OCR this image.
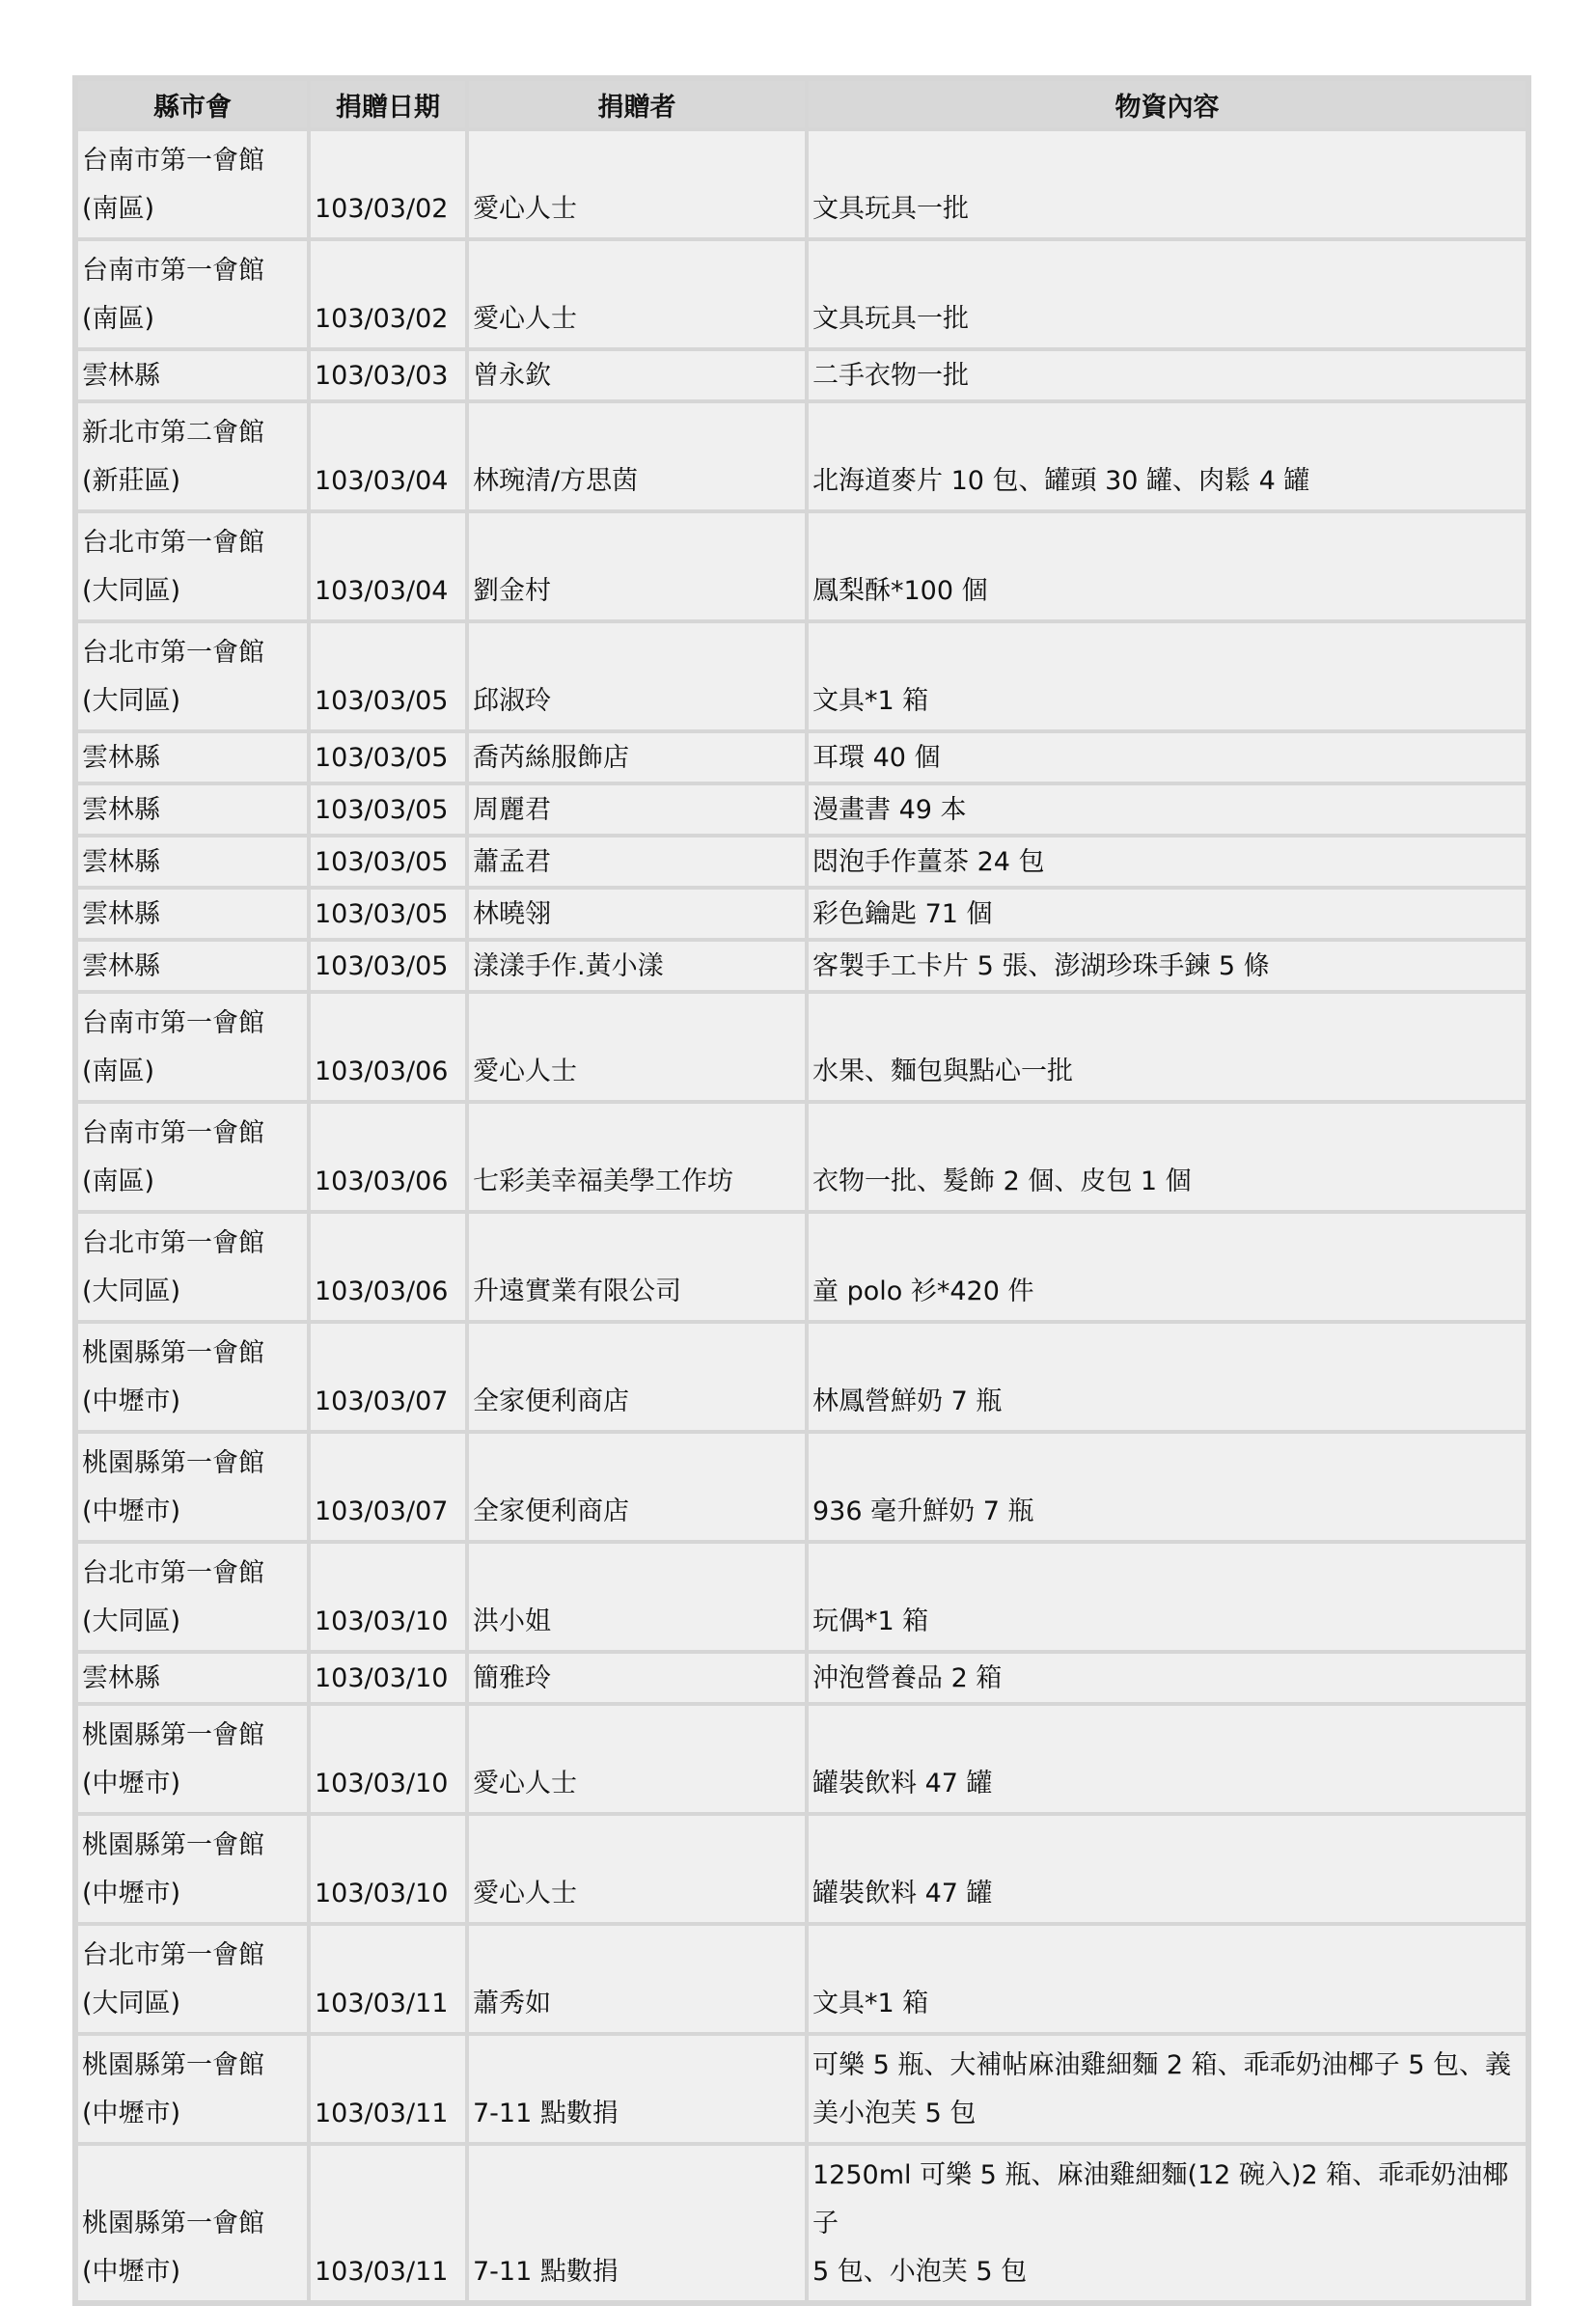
縣市會	捐贈日期	捐贈者	物資內容

台南市第一會館
(南區)	103/03/02	愛心人士	文具玩具一批

台南市第一會館
(南區)	103/03/02	愛心人士	文具玩具一批

雲林縣	103/03/03	曾永欽	二手衣物一批

新北市第二會館
(新莊區)	103/03/04	林琬清/方思茵	北海道麥片 10 包、罐頭 30 罐、肉鬆 4 罐

台北市第一會館
(大同區)	103/03/04	劉金村	鳳梨酥*100 個

台北市第一會館
(大同區)	103/03/05	邱淑玲	文具*1 箱

雲林縣	103/03/05	喬芮絲服飾店	耳環 40 個

雲林縣	103/03/05	周麗君	漫畫書 49 本

雲林縣	103/03/05	蕭孟君	悶泡手作薑茶 24 包

雲林縣	103/03/05	林曉翎	彩色鑰匙 71 個

雲林縣	103/03/05	漾漾手作.黃小漾	客製手工卡片 5 張、澎湖珍珠手鍊 5 條

台南市第一會館
(南區)	103/03/06	愛心人士	水果、麵包與點心一批

台南市第一會館
(南區)	103/03/06	七彩美幸福美學工作坊	衣物一批、髮飾 2 個、皮包 1 個

台北市第一會館
(大同區)	103/03/06	升遠實業有限公司	童 polo 衫*420 件

桃園縣第一會館
(中壢市)	103/03/07	全家便利商店	林鳳營鮮奶 7 瓶

桃園縣第一會館
(中壢市)	103/03/07	全家便利商店	936 毫升鮮奶 7 瓶

台北市第一會館
(大同區)	103/03/10	洪小姐	玩偶*1 箱

雲林縣	103/03/10	簡雅玲	沖泡營養品 2 箱

桃園縣第一會館
(中壢市)	103/03/10	愛心人士	罐裝飲料 47 罐

桃園縣第一會館
(中壢市)	103/03/10	愛心人士	罐裝飲料 47 罐

台北市第一會館
(大同區)	103/03/11	蕭秀如	文具*1 箱

桃園縣第一會館
(中壢市)	103/03/11	7-11 點數捐	可樂 5 瓶、大補帖麻油雞細麵 2 箱、乖乖奶油椰子 5 包、義
美小泡芙 5 包

桃園縣第一會館
(中壢市)	103/03/11	7-11 點數捐	1250ml 可樂 5 瓶、麻油雞細麵(12 碗入)2 箱、乖乖奶油椰子
5 包、小泡芙 5 包
